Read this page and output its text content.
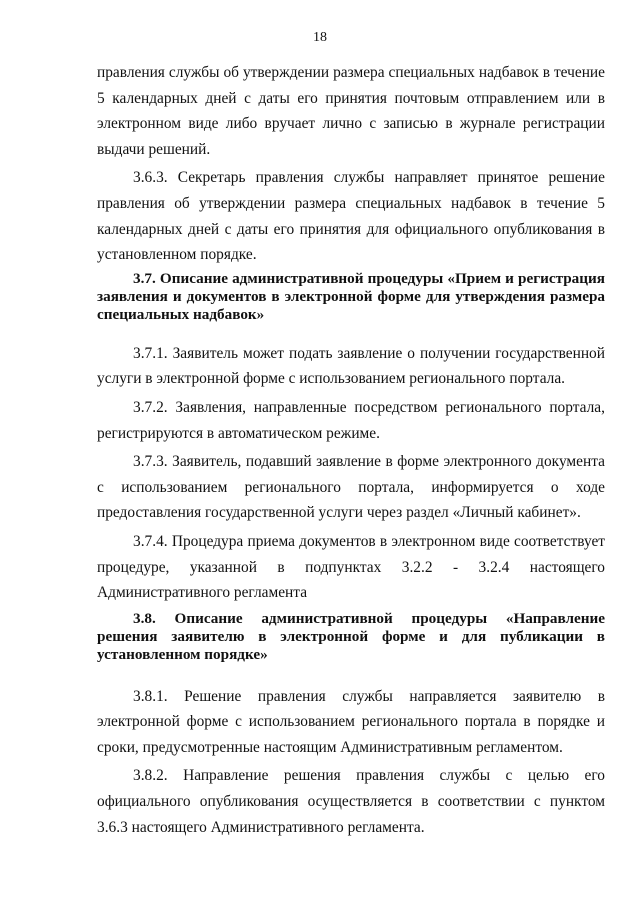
18

правления службы об утверждении размера специальных надбавок в течение 5 календарных дней с даты его принятия почтовым отправлением или в электронном виде либо вручает лично с записью в журнале регистрации выдачи решений.

3.6.3. Секретарь правления службы направляет принятое решение правления об утверждении размера специальных надбавок в течение 5 календарных дней с даты его принятия для официального опубликования в установленном порядке.

3.7. Описание административной процедуры «Прием и регистрация заявления и документов в электронной форме для утверждения размера специальных надбавок»

3.7.1. Заявитель может подать заявление о получении государственной услуги в электронной форме с использованием регионального портала.

3.7.2. Заявления, направленные посредством регионального портала, регистрируются в автоматическом режиме.

3.7.3. Заявитель, подавший заявление в форме электронного документа с использованием регионального портала, информируется о ходе предоставления государственной услуги через раздел «Личный кабинет».

3.7.4. Процедура приема документов в электронном виде соответствует процедуре, указанной в подпунктах 3.2.2 - 3.2.4 настоящего Административного регламента

3.8. Описание административной процедуры «Направление решения заявителю в электронной форме и для публикации в установленном порядке»

3.8.1. Решение правления службы направляется заявителю в электронной форме с использованием регионального портала в порядке и сроки, предусмотренные настоящим Административным регламентом.

3.8.2. Направление решения правления службы с целью его официального опубликования осуществляется в соответствии с пунктом 3.6.3 настоящего Административного регламента.
